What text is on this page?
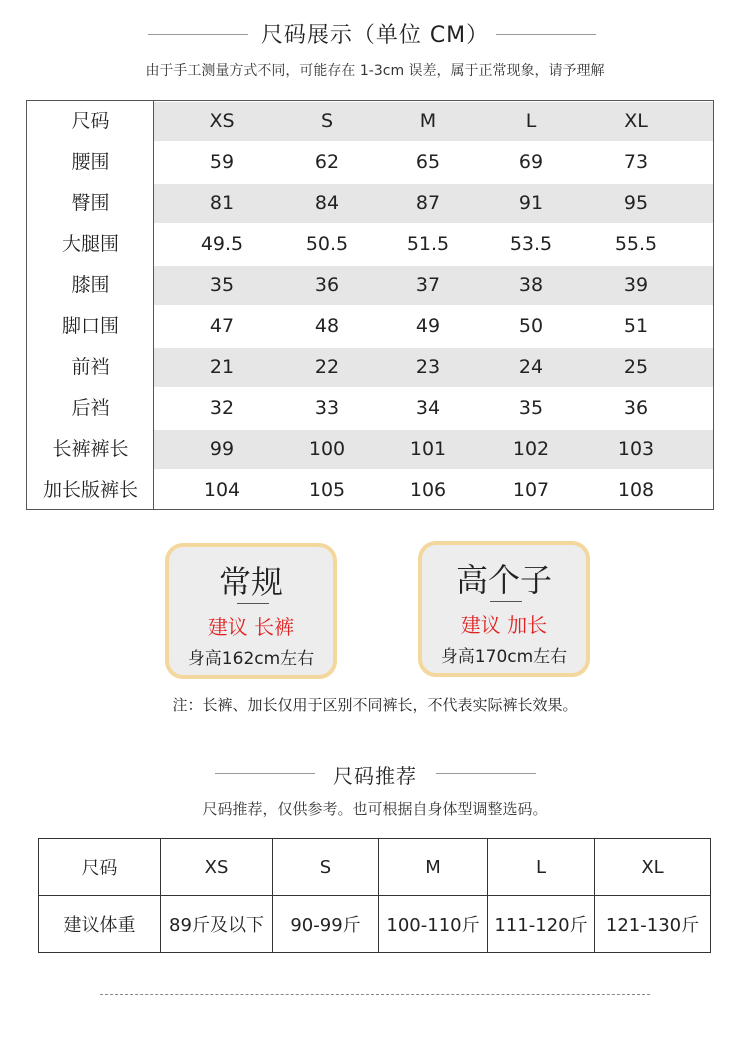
尺码展示（单位 CM）
由于手工测量方式不同，可能存在 1-3cm 误差，属于正常现象，请予理解
尺码	XS	S	M	L	XL
腰围	59	62	65	69	73
臀围	81	84	87	91	95
大腿围	49.5	50.5	51.5	53.5	55.5
膝围	35	36	37	38	39
脚口围	47	48	49	50	51
前裆	21	22	23	24	25
后裆	32	33	34	35	36
长裤裤长	99	100	101	102	103
加长版裤长	104	105	106	107	108
常规
建议 长裤
身高162cm左右
高个子
建议 加长
身高170cm左右
注：长裤、加长仅用于区别不同裤长，不代表实际裤长效果。
尺码推荐
尺码推荐，仅供参考。也可根据自身体型调整选码。
尺码	XS	S	M	L	XL
建议体重	89斤及以下	90-99斤	100-110斤	111-120斤	121-130斤
